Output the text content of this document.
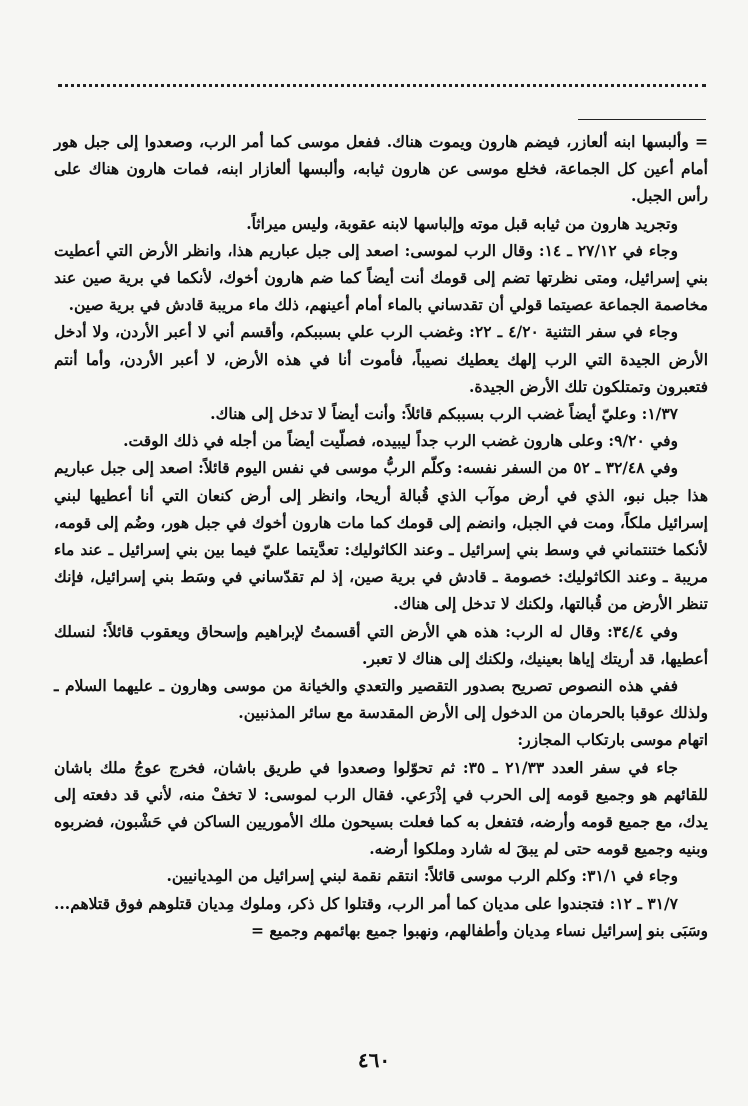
= وألبسها ابنه ألعازر، فيضم هارون ويموت هناك. ففعل موسى كما أمر الرب، وصعدوا إلى جبل هور أمام أعين كل الجماعة، فخلع موسى عن هارون ثيابه، وألبسها ألعازار ابنه، فمات هارون هناك على رأس الجبل.

وتجريد هارون من ثيابه قبل موته وإلباسها لابنه عقوبة، وليس ميراثاً.

وجاء في ٢٧/١٢ ـ ١٤: وقال الرب لموسى: اصعد إلى جبل عباريم هذا، وانظر الأرض التي أعطيت بني إسرائيل، ومتى نظرتها تضم إلى قومك أنت أيضاً كما ضم هارون أخوك، لأنكما في برية صين عند مخاصمة الجماعة عصيتما قولي أن تقدساني بالماء أمام أعينهم، ذلك ماء مريبة قادش في برية صين.

وجاء في سفر التثنية ٤/٢٠ ـ ٢٢: وغضب الرب علي بسببكم، وأقسم أني لا أعبر الأردن، ولا أدخل الأرض الجيدة التي الرب إلهك يعطيك نصيباً، فأموت أنا في هذه الأرض، لا أعبر الأردن، وأما أنتم فتعبرون وتمتلكون تلك الأرض الجيدة.

١/٣٧: وعليّ أيضاً غضب الرب بسببكم قائلاً: وأنت أيضاً لا تدخل إلى هناك.

وفي ٩/٢٠: وعلى هارون غضب الرب جداً ليبيده، فصلّيت أيضاً من أجله في ذلك الوقت.

وفي ٣٢/٤٨ ـ ٥٢ من السفر نفسه: وكلّم الربُّ موسى في نفس اليوم قائلاً: اصعد إلى جبل عباريم هذا جبل نبو، الذي في أرض موآب الذي قُبالة أريحا، وانظر إلى أرض كنعان التي أنا أعطيها لبني إسرائيل ملكاً، ومت في الجبل، وانضم إلى قومك كما مات هارون أخوك في جبل هور، وضُم إلى قومه، لأنكما ختنتماني في وسط بني إسرائيل ـ وعند الكاثوليك: تعدَّيتما عليّ فيما بين بني إسرائيل ـ عند ماء مريبة ـ وعند الكاثوليك: خصومة ـ قادش في برية صين، إذ لم تقدّساني في وسَط بني إسرائيل، فإنك تنظر الأرض من قُبالتها، ولكنك لا تدخل إلى هناك.

وفي ٣٤/٤: وقال له الرب: هذه هي الأرض التي أقسمتُ لإبراهيم وإسحاق ويعقوب قائلاً: لنسلك أعطيها، قد أريتك إياها بعينيك، ولكنك إلى هناك لا تعبر.

ففي هذه النصوص تصريح بصدور التقصير والتعدي والخيانة من موسى وهارون ـ عليهما السلام ـ ولذلك عوقبا بالحرمان من الدخول إلى الأرض المقدسة مع سائر المذنبين.

اتهام موسى بارتكاب المجازر:

جاء في سفر العدد ٢١/٣٣ ـ ٣٥: ثم تحوّلوا وصعدوا في طريق باشان، فخرج عوجُ ملك باشان للقائهم هو وجميع قومه إلى الحرب في إذْرَعي. فقال الرب لموسى: لا تخفْ منه، لأني قد دفعته إلى يدك، مع جميع قومه وأرضه، فتفعل به كما فعلت بسيحون ملك الأموريين الساكن في حَشْبون، فضربوه وبنيه وجميع قومه حتى لم يبقَ له شارد وملكوا أرضه.

وجاء في ٣١/١: وكلم الرب موسى قائلاً: انتقم نقمة لبني إسرائيل من المِديانيين.

٣١/٧ ـ ١٢: فتجندوا على مديان كما أمر الرب، وقتلوا كل ذكر، وملوك مِديان قتلوهم فوق قتلاهم... وسَبَى بنو إسرائيل نساء مِديان وأطفالهم، ونهبوا جميع بهائمهم وجميع =

٤٦٠
